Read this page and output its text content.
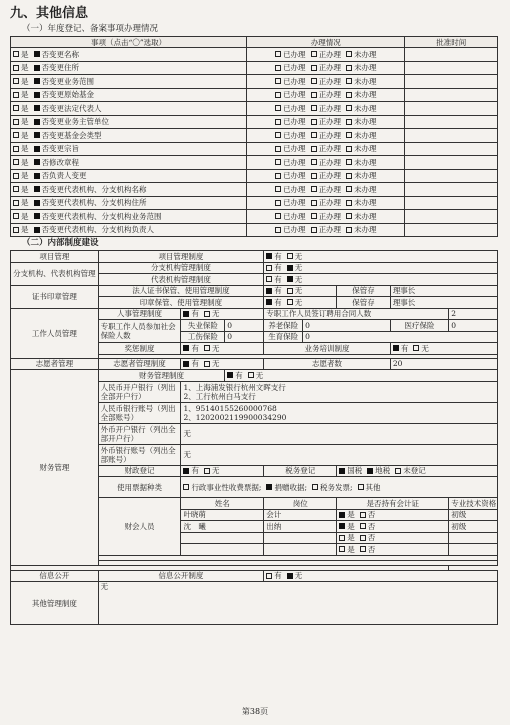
九、其他信息
（一）年度登记、备案事项办理情况
事项（点击“〇”选取）	办理情况	批准时间
是 否变更名称	已办理 正办理 未办理	
是 否变更住所	已办理 正办理 未办理	
是 否变更业务范围	已办理 正办理 未办理	
是 否变更原始基金	已办理 正办理 未办理	
是 否变更法定代表人	已办理 正办理 未办理	
是 否变更业务主管单位	已办理 正办理 未办理	
是 否变更基金会类型	已办理 正办理 未办理	
是 否变更宗旨	已办理 正办理 未办理	
是 否修改章程	已办理 正办理 未办理	
是 否负责人变更	已办理 正办理 未办理	
是 否变更代表机构、分支机构名称	已办理 正办理 未办理	
是 否变更代表机构、分支机构住所	已办理 正办理 未办理	
是 否变更代表机构、分支机构业务范围	已办理 正办理 未办理	
是 否变更代表机构、分支机构负责人	已办理 正办理 未办理	
（二）内部制度建设
项目管理	项目管理制度			有 无				
分支机构、代表机构管理	分支机构管理制度			有 无				
	代表机构管理制度			有 无				
证书印章管理	法人证书保管、使用管理制度			有 无		保管存	理事长	
	印章保管、使用管理制度			有 无		保管存	理事长	
工作人员管理	人事管理制度	有 无		专职工作人员签订聘用合同人数				2
	专职工作人员参加社会保险人数	失业保险	0	养老保险	0		医疗保险	0
		工伤保险	0	生育保险	0			
	奖惩制度	有 无		业务培训制度			有 无	

志愿者管理	志愿者管理制度	有 无		志愿者数			20	
财务管理	财务管理制度		有 无					
	人民币开户银行（列出全部开户行）	1、上海浦发银行杭州文晖支行
2、工行杭州白马支行						

	人民币银行账号（列出全部账号）	1、95140155260000768
2、1202002119900034290						

	外币开户银行（列出全部开户行）	无						
	外币银行账号（列出全部账号）	无						
	财政登记	有 无		税务登记		国税 地税 未登记		
	使用票据种类	行政事业性收费票据; 捐赠收据; 税务发票; 其他						
	财会人员	姓名		岗位		是否持有会计证		专业技术资格
		叶晓萌		会计		是 否		初级
		沈　曦		出纳		是 否		初级
						是 否		
						是 否		

信息公开	信息公开制度			有 无				
其他管理制度	无							
第38页
